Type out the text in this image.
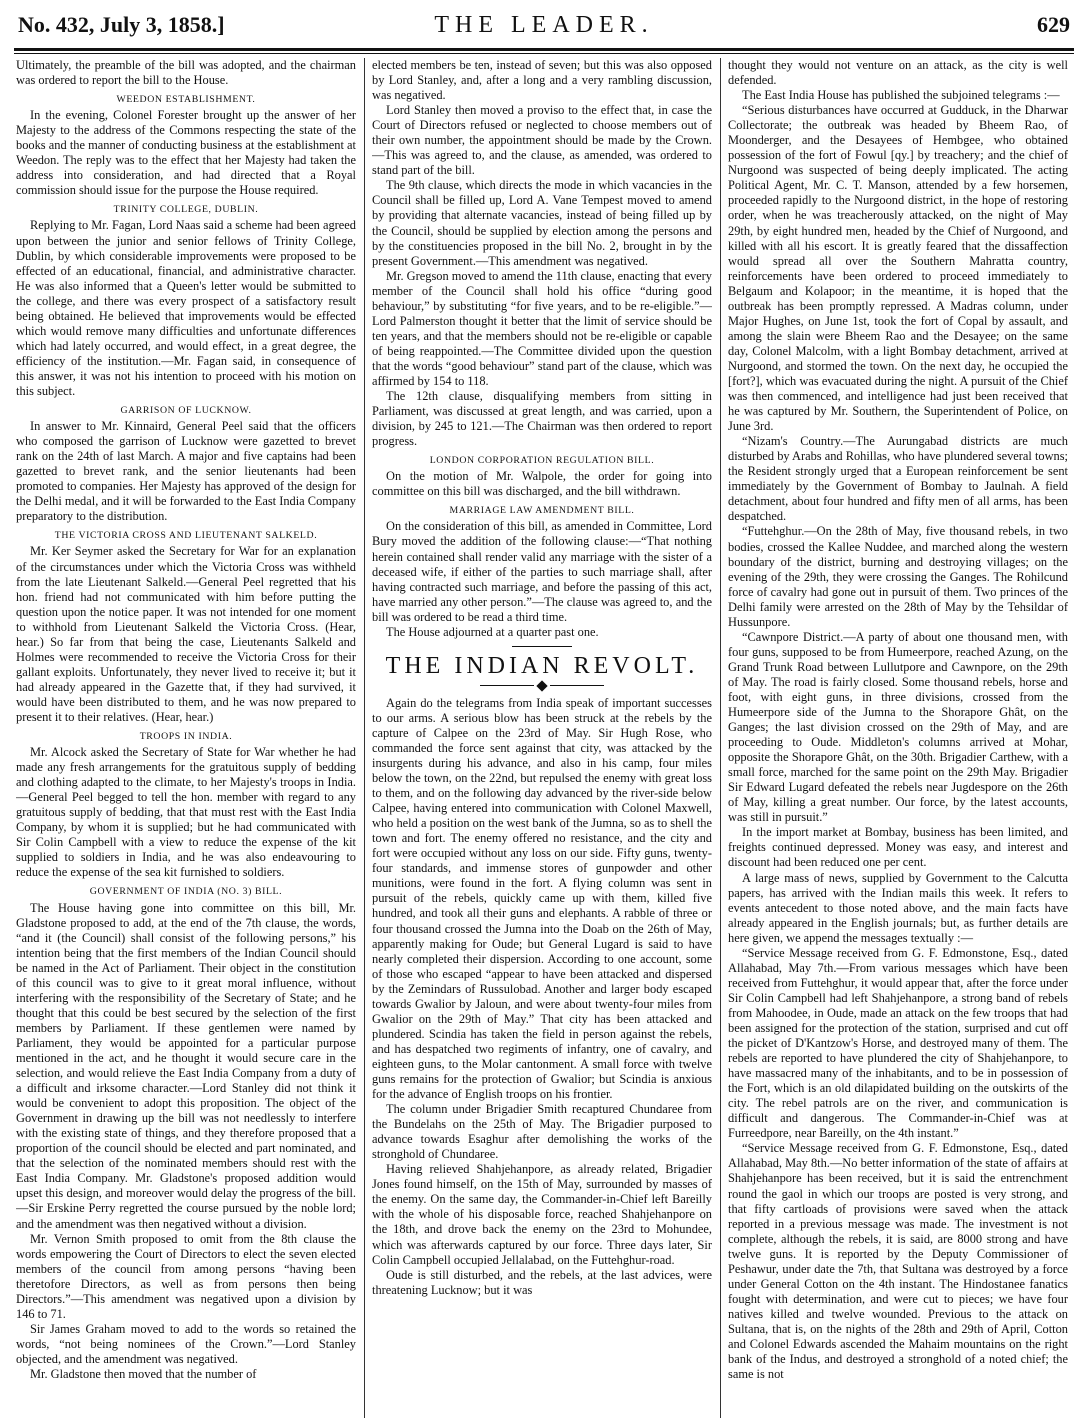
No. 432, July 3, 1858.]	THE LEADER.	629

Ultimately, the preamble of the bill was adopted, and the chairman was ordered to report the bill to the House.

WEEDON ESTABLISHMENT.

In the evening, Colonel Forester brought up the answer of her Majesty to the address of the Commons respecting the state of the books and the manner of conducting business at the establishment at Weedon. The reply was to the effect that her Majesty had taken the address into consideration, and had directed that a Royal commission should issue for the purpose the House required.

TRINITY COLLEGE, DUBLIN.

Replying to Mr. Fagan, Lord Naas said a scheme had been agreed upon between the junior and senior fellows of Trinity College, Dublin, by which considerable improvements were proposed to be effected of an educational, financial, and administrative character. He was also informed that a Queen's letter would be submitted to the college, and there was every prospect of a satisfactory result being obtained. He believed that improvements would be effected which would remove many difficulties and unfortunate differences which had lately occurred, and would effect, in a great degree, the efficiency of the institution.—Mr. Fagan said, in consequence of this answer, it was not his intention to proceed with his motion on this subject.

GARRISON OF LUCKNOW.

In answer to Mr. Kinnaird, General Peel said that the officers who composed the garrison of Lucknow were gazetted to brevet rank on the 24th of last March. A major and five captains had been gazetted to brevet rank, and the senior lieutenants had been promoted to companies. Her Majesty has approved of the design for the Delhi medal, and it will be forwarded to the East India Company preparatory to the distribution.

THE VICTORIA CROSS AND LIEUTENANT SALKELD.

Mr. Ker Seymer asked the Secretary for War for an explanation of the circumstances under which the Victoria Cross was withheld from the late Lieutenant Salkeld.—General Peel regretted that his hon. friend had not communicated with him before putting the question upon the notice paper. It was not intended for one moment to withhold from Lieutenant Salkeld the Victoria Cross. (Hear, hear.) So far from that being the case, Lieutenants Salkeld and Holmes were recommended to receive the Victoria Cross for their gallant exploits. Unfortunately, they never lived to receive it; but it had already appeared in the Gazette that, if they had survived, it would have been distributed to them, and he was now prepared to present it to their relatives. (Hear, hear.)

TROOPS IN INDIA.

Mr. Alcock asked the Secretary of State for War whether he had made any fresh arrangements for the gratuitous supply of bedding and clothing adapted to the climate, to her Majesty's troops in India.—General Peel begged to tell the hon. member with regard to any gratuitous supply of bedding, that that must rest with the East India Company, by whom it is supplied; but he had communicated with Sir Colin Campbell with a view to reduce the expense of the kit supplied to soldiers in India, and he was also endeavouring to reduce the expense of the sea kit furnished to soldiers.

GOVERNMENT OF INDIA (NO. 3) BILL.

The House having gone into committee on this bill, Mr. Gladstone proposed to add, at the end of the 7th clause, the words, “and it (the Council) shall consist of the following persons,” his intention being that the first members of the Indian Council should be named in the Act of Parliament. Their object in the constitution of this council was to give to it great moral influence, without interfering with the responsibility of the Secretary of State; and he thought that this could be best secured by the selection of the first members by Parliament. If these gentlemen were named by Parliament, they would be appointed for a particular purpose mentioned in the act, and he thought it would secure care in the selection, and would relieve the East India Company from a duty of a difficult and irksome character.—Lord Stanley did not think it would be convenient to adopt this proposition. The object of the Government in drawing up the bill was not needlessly to interfere with the existing state of things, and they therefore proposed that a proportion of the council should be elected and part nominated, and that the selection of the nominated members should rest with the East India Company. Mr. Gladstone's proposed addition would upset this design, and moreover would delay the progress of the bill.—Sir Erskine Perry regretted the course pursued by the noble lord; and the amendment was then negatived without a division.

Mr. Vernon Smith proposed to omit from the 8th clause the words empowering the Court of Directors to elect the seven elected members of the council from among persons “having been theretofore Directors, as well as from persons then being Directors.”—This amendment was negatived upon a division by 146 to 71.

Sir James Graham moved to add to the words so retained the words, “not being nominees of the Crown.”—Lord Stanley objected, and the amendment was negatived.

Mr. Gladstone then moved that the number of

elected members be ten, instead of seven; but this was also opposed by Lord Stanley, and, after a long and a very rambling discussion, was negatived.

Lord Stanley then moved a proviso to the effect that, in case the Court of Directors refused or neglected to choose members out of their own number, the appointment should be made by the Crown.—This was agreed to, and the clause, as amended, was ordered to stand part of the bill.

The 9th clause, which directs the mode in which vacancies in the Council shall be filled up, Lord A. Vane Tempest moved to amend by providing that alternate vacancies, instead of being filled up by the Council, should be supplied by election among the persons and by the constituencies proposed in the bill No. 2, brought in by the present Government.—This amendment was negatived.

Mr. Gregson moved to amend the 11th clause, enacting that every member of the Council shall hold his office “during good behaviour,” by substituting “for five years, and to be re-eligible.”—Lord Palmerston thought it better that the limit of service should be ten years, and that the members should not be re-eligible or capable of being reappointed.—The Committee divided upon the question that the words “good behaviour” stand part of the clause, which was affirmed by 154 to 118.

The 12th clause, disqualifying members from sitting in Parliament, was discussed at great length, and was carried, upon a division, by 245 to 121.—The Chairman was then ordered to report progress.

LONDON CORPORATION REGULATION BILL.

On the motion of Mr. Walpole, the order for going into committee on this bill was discharged, and the bill withdrawn.

MARRIAGE LAW AMENDMENT BILL.

On the consideration of this bill, as amended in Committee, Lord Bury moved the addition of the following clause:—“That nothing herein contained shall render valid any marriage with the sister of a deceased wife, if either of the parties to such marriage shall, after having contracted such marriage, and before the passing of this act, have married any other person.”—The clause was agreed to, and the bill was ordered to be read a third time.

The House adjourned at a quarter past one.

THE INDIAN REVOLT.

Again do the telegrams from India speak of important successes to our arms. A serious blow has been struck at the rebels by the capture of Calpee on the 23rd of May. Sir Hugh Rose, who commanded the force sent against that city, was attacked by the insurgents during his advance, and also in his camp, four miles below the town, on the 22nd, but repulsed the enemy with great loss to them, and on the following day advanced by the river-side below Calpee, having entered into communication with Colonel Maxwell, who held a position on the west bank of the Jumna, so as to shell the town and fort. The enemy offered no resistance, and the city and fort were occupied without any loss on our side. Fifty guns, twenty-four standards, and immense stores of gunpowder and other munitions, were found in the fort. A flying column was sent in pursuit of the rebels, quickly came up with them, killed five hundred, and took all their guns and elephants. A rabble of three or four thousand crossed the Jumna into the Doab on the 26th of May, apparently making for Oude; but General Lugard is said to have nearly completed their dispersion. According to one account, some of those who escaped “appear to have been attacked and dispersed by the Zemindars of Russulobad. Another and larger body escaped towards Gwalior by Jaloun, and were about twenty-four miles from Gwalior on the 29th of May.” That city has been attacked and plundered. Scindia has taken the field in person against the rebels, and has despatched two regiments of infantry, one of cavalry, and eighteen guns, to the Molar cantonment. A small force with twelve guns remains for the protection of Gwalior; but Scindia is anxious for the advance of English troops on his frontier.

The column under Brigadier Smith recaptured Chundaree from the Bundelahs on the 25th of May. The Brigadier purposed to advance towards Esaghur after demolishing the works of the stronghold of Chundaree.

Having relieved Shahjehanpore, as already related, Brigadier Jones found himself, on the 15th of May, surrounded by masses of the enemy. On the same day, the Commander-in-Chief left Bareilly with the whole of his disposable force, reached Shahjehanpore on the 18th, and drove back the enemy on the 23rd to Mohundee, which was afterwards captured by our force. Three days later, Sir Colin Campbell occupied Jellalabad, on the Futtehghur-road.

Oude is still disturbed, and the rebels, at the last advices, were threatening Lucknow; but it was

thought they would not venture on an attack, as the city is well defended.

The East India House has published the subjoined telegrams :—

“Serious disturbances have occurred at Gudduck, in the Dharwar Collectorate; the outbreak was headed by Bheem Rao, of Moonderger, and the Desayees of Hembgee, who obtained possession of the fort of Fowul [qy.] by treachery; and the chief of Nurgoond was suspected of being deeply implicated. The acting Political Agent, Mr. C. T. Manson, attended by a few horsemen, proceeded rapidly to the Nurgoond district, in the hope of restoring order, when he was treacherously attacked, on the night of May 29th, by eight hundred men, headed by the Chief of Nurgoond, and killed with all his escort. It is greatly feared that the dissaffection would spread all over the Southern Mahratta country, reinforcements have been ordered to proceed immediately to Belgaum and Kolapoor; in the meantime, it is hoped that the outbreak has been promptly repressed. A Madras column, under Major Hughes, on June 1st, took the fort of Copal by assault, and among the slain were Bheem Rao and the Desayee; on the same day, Colonel Malcolm, with a light Bombay detachment, arrived at Nurgoond, and stormed the town. On the next day, he occupied the [fort?], which was evacuated during the night. A pursuit of the Chief was then commenced, and intelligence had just been received that he was captured by Mr. Southern, the Superintendent of Police, on June 3rd.

“Nizam's Country.—The Aurungabad districts are much disturbed by Arabs and Rohillas, who have plundered several towns; the Resident strongly urged that a European reinforcement be sent immediately by the Government of Bombay to Jaulnah. A field detachment, about four hundred and fifty men of all arms, has been despatched.

“Futtehghur.—On the 28th of May, five thousand rebels, in two bodies, crossed the Kallee Nuddee, and marched along the western boundary of the district, burning and destroying villages; on the evening of the 29th, they were crossing the Ganges. The Rohilcund force of cavalry had gone out in pursuit of them. Two princes of the Delhi family were arrested on the 28th of May by the Tehsildar of Hussunpore.

“Cawnpore District.—A party of about one thousand men, with four guns, supposed to be from Humeerpore, reached Azung, on the Grand Trunk Road between Lullutpore and Cawnpore, on the 29th of May. The road is fairly closed. Some thousand rebels, horse and foot, with eight guns, in three divisions, crossed from the Humeerpore side of the Jumna to the Shorapore Ghât, on the Ganges; the last division crossed on the 29th of May, and are proceeding to Oude. Middleton's columns arrived at Mohar, opposite the Shorapore Ghât, on the 30th. Brigadier Carthew, with a small force, marched for the same point on the 29th May. Brigadier Sir Edward Lugard defeated the rebels near Jugdespore on the 26th of May, killing a great number. Our force, by the latest accounts, was still in pursuit.”

In the import market at Bombay, business has been limited, and freights continued depressed. Money was easy, and interest and discount had been reduced one per cent.

A large mass of news, supplied by Government to the Calcutta papers, has arrived with the Indian mails this week. It refers to events antecedent to those noted above, and the main facts have already appeared in the English journals; but, as further details are here given, we append the messages textually :—

“Service Message received from G. F. Edmonstone, Esq., dated Allahabad, May 7th.—From various messages which have been received from Futtehghur, it would appear that, after the force under Sir Colin Campbell had left Shahjehanpore, a strong band of rebels from Mahoodee, in Oude, made an attack on the few troops that had been assigned for the protection of the station, surprised and cut off the picket of D'Kantzow's Horse, and destroyed many of them. The rebels are reported to have plundered the city of Shahjehanpore, to have massacred many of the inhabitants, and to be in possession of the Fort, which is an old dilapidated building on the outskirts of the city. The rebel patrols are on the river, and communication is difficult and dangerous. The Commander-in-Chief was at Furreedpore, near Bareilly, on the 4th instant.”

“Service Message received from G. F. Edmonstone, Esq., dated Allahabad, May 8th.—No better information of the state of affairs at Shahjehanpore has been received, but it is said the entrenchment round the gaol in which our troops are posted is very strong, and that fifty cartloads of provisions were saved when the attack reported in a previous message was made. The investment is not complete, although the rebels, it is said, are 8000 strong and have twelve guns. It is reported by the Deputy Commissioner of Peshawur, under date the 7th, that Sultana was destroyed by a force under General Cotton on the 4th instant. The Hindostanee fanatics fought with determination, and were cut to pieces; we have four natives killed and twelve wounded. Previous to the attack on Sultana, that is, on the nights of the 28th and 29th of April, Cotton and Colonel Edwards ascended the Mahaim mountains on the right bank of the Indus, and destroyed a stronghold of a noted chief; the same is not
